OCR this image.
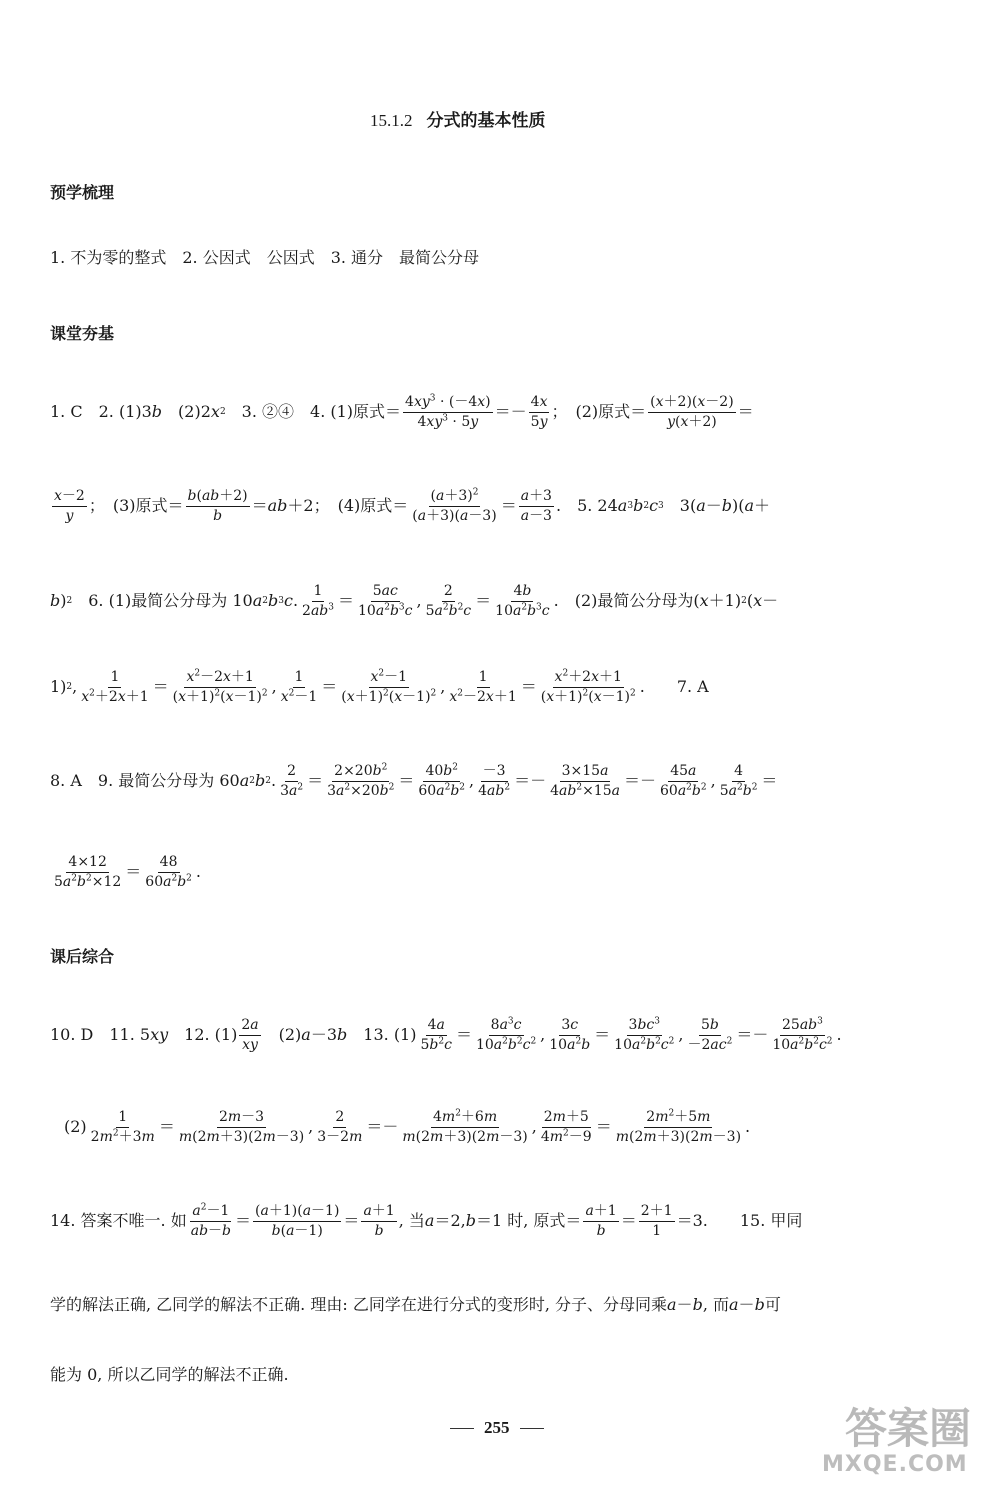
15.1.2 分式的基本性质
预学梳理
1. 不为零的整式　2. 公因式　公因式　3. 通分　最简公分母
课堂夯基
1. C　2. (1)3 b 　(2)2 x 2 　3. ②④　4. (1)原式＝ $\frac{4xy^3 \cdot (-4x)}{4xy^3 \cdot 5y} =- \frac{4x}{5y}$ ；　(2)原式＝ $\frac{(x+2)(x-2)}{y(x+2)}$ ＝
$\frac{x-2}{y}$ ；　(3)原式＝ $\frac{b(ab+2)}{b}$ ＝ ab ＋2；　(4)原式＝ $\frac{(a+3)^2}{(a+3)(a-3)} = \frac{a+3}{a-3}$ .　5. 24 a 3 b 2 c 3 　3( a － b )( a ＋
b ) 2 　6. (1)最简公分母为 10 a 2 b 3 c . $\frac{1}{2ab^3} = \frac{5ac}{10a^2b^3c}$ , $\frac{2}{5a^2b^2c} = \frac{4b}{10a^2b^3c}$ .　(2)最简公分母为( x ＋1) 2 ( x －
1) 2 , $\frac{1}{x^2+2x+1} = \frac{x^2-2x+1}{(x+1)^2(x-1)^2}$ , $\frac{1}{x^2-1} = \frac{x^2-1}{(x+1)^2(x-1)^2}$ , $\frac{1}{x^2-2x+1} = \frac{x^2+2x+1}{(x+1)^2(x-1)^2}$ .　　7. A
8. A　9. 最简公分母为 60 a 2 b 2 . $\frac{2}{3a^2} = \frac{2\times 20b^2}{3a^2\times 20b^2} = \frac{40b^2}{60a^2b^2}$ , $\frac{-3}{4ab^2} =- \frac{3\times 15a}{4ab^2\times 15a} =- \frac{45a}{60a^2b^2}$ , $\frac{4}{5a^2b^2}$ ＝
$\frac{4\times 12}{5a^2b^2\times 12} = \frac{48}{60a^2b^2}$ .
课后综合
10. D　11. 5 xy 　12. $(1) \frac{2a}{xy}$ 　(2) a －3 b 　13. $(1) \frac{4a}{5b^2c} = \frac{8a^3c}{10a^2b^2c^2}$ , $\frac{3c}{10a^2b} = \frac{3bc^3}{10a^2b^2c^2}$ , $\frac{5b}{-2ac^2} =- \frac{25ab^3}{10a^2b^2c^2}$ .
$(2) \frac{1}{2m^2+3m} = \frac{2m-3}{m(2m+3)(2m-3)}$ , $\frac{2}{3-2m} =- \frac{4m^2+6m}{m(2m+3)(2m-3)}$ , $\frac{2m+5}{4m^2-9} = \frac{2m^2+5m}{m(2m+3)(2m-3)}$ .
14. 答案不唯一. 如 $\frac{a^2-1}{ab-b} = \frac{(a+1)(a-1)}{b(a-1)} = \frac{a+1}{b}$ , 当 a ＝2, b ＝1 时, 原式＝ $\frac{a+1}{b} = \frac{2+1}{1} =3$.　　15. 甲同
学的解法正确, 乙同学的解法不正确. 理由: 乙同学在进行分式的变形时, 分子、分母同乘 a － b , 而 a － b 可
能为 0, 所以乙同学的解法不正确.
255	答案圈
MXQE.COM
